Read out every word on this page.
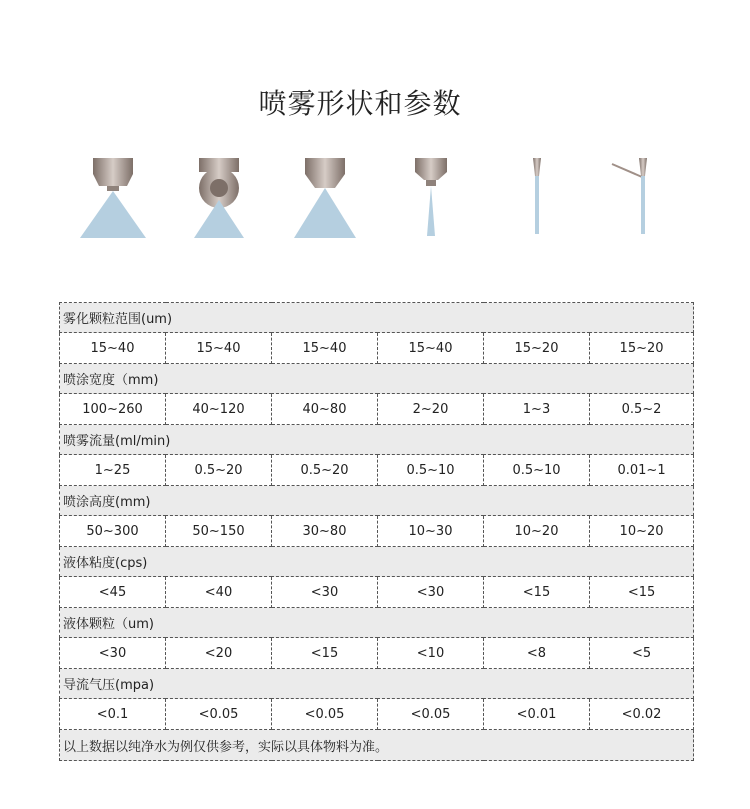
喷雾形状和参数
雾化颗粒范围(um)					
15~40	15~40	15~40	15~40	15~20	15~20
喷涂宽度（mm)					
100~260	40~120	40~80	2~20	1~3	0.5~2
喷雾流量(ml/min)					
1~25	0.5~20	0.5~20	0.5~10	0.5~10	0.01~1
喷涂高度(mm)					
50~300	50~150	30~80	10~30	10~20	10~20
液体粘度(cps)					
<45	<40	<30	<30	<15	<15
液体颗粒（um)					
<30	<20	<15	<10	<8	<5
导流气压(mpa)					
<0.1	<0.05	<0.05	<0.05	<0.01	<0.02
以上数据以纯净水为例仅供参考，实际以具体物料为准。					
